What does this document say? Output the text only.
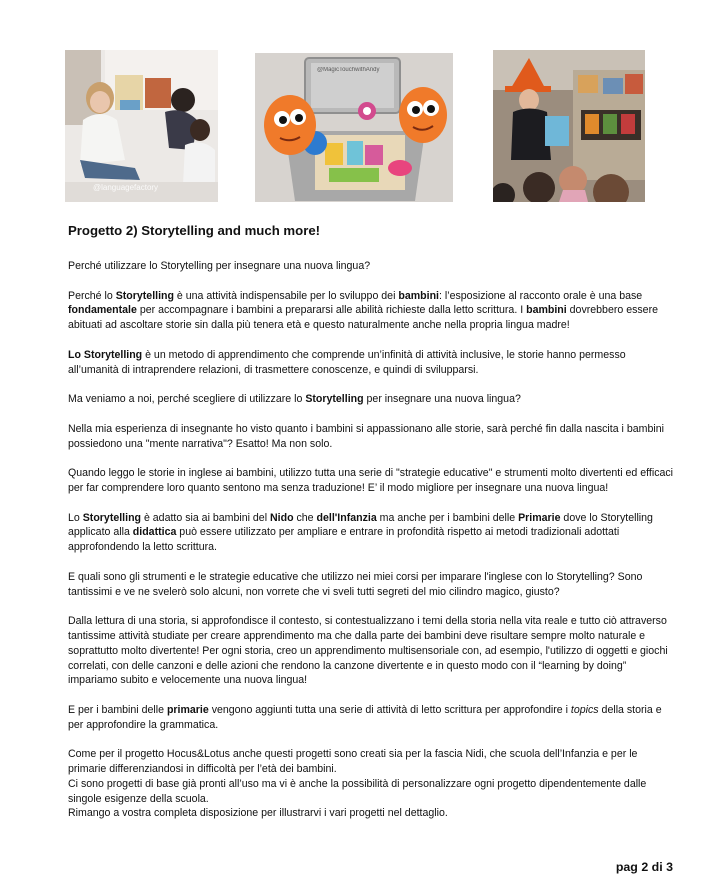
@languagefactory
@MagicTouchwithAndy
Progetto 2) Storytelling and much more!

Perché utilizzare lo Storytelling per insegnare una nuova lingua?

Perché lo Storytelling è una attività indispensabile per lo sviluppo dei bambini: l’esposizione al racconto orale è una base fondamentale per accompagnare i bambini a prepararsi alle abilità richieste dalla letto scrittura. I bambini dovrebbero essere abituati ad ascoltare storie sin dalla più tenera età e questo naturalmente anche nella propria lingua madre!

Lo Storytelling è un metodo di apprendimento che comprende un’infinità di attività inclusive, le storie hanno permesso all’umanità di intraprendere relazioni, di trasmettere conoscenze, e quindi di svilupparsi.

Ma veniamo a noi, perché scegliere di utilizzare lo Storytelling per insegnare una nuova lingua?

Nella mia esperienza di insegnante ho visto quanto i bambini si appassionano alle storie, sarà perché fin dalla nascita i bambini possiedono una "mente narrativa"? Esatto! Ma non solo.

Quando leggo le storie in inglese ai bambini, utilizzo tutta una serie di "strategie educative" e strumenti molto divertenti ed efficaci per far comprendere loro quanto sentono ma senza traduzione! E’ il modo migliore per insegnare una nuova lingua!

Lo Storytelling è adatto sia ai bambini del Nido che dell'Infanzia ma anche per i bambini delle Primarie dove lo Storytelling applicato alla didattica può essere utilizzato per ampliare e entrare in profondità rispetto ai metodi tradizionali adottati approfondendo la letto scrittura.

E quali sono gli strumenti e le strategie educative che utilizzo nei miei corsi per imparare l'inglese con lo Storytelling? Sono tantissimi e ve ne svelerò solo alcuni, non vorrete che vi sveli tutti segreti del mio cilindro magico, giusto?

Dalla lettura di una storia, si approfondisce il contesto, si contestualizzano i temi della storia nella vita reale e tutto ciò attraverso tantissime attività studiate per creare apprendimento ma che dalla parte dei bambini deve risultare sempre molto naturale e soprattutto molto divertente! Per ogni storia, creo un apprendimento multisensoriale con, ad esempio, l'utilizzo di oggetti e giochi correlati, con delle canzoni e delle azioni che rendono la canzone divertente e in questo modo con il “learning by doing” impariamo subito e velocemente una nuova lingua!

E per i bambini delle primarie vengono aggiunti tutta una serie di attività di letto scrittura per approfondire i topics della storia e per approfondire la grammatica.

Come per il progetto Hocus&Lotus anche questi progetti sono creati sia per la fascia Nidi, che scuola dell’Infanzia e per le primarie differenziandosi in difficoltà per l’età dei bambini.

Ci sono progetti di base già pronti all’uso ma vi è anche la possibilità di personalizzare ogni progetto dipendentemente dalle singole esigenze della scuola.

Rimango a vostra completa disposizione per illustrarvi i vari progetti nel dettaglio.

pag 2 di 3
